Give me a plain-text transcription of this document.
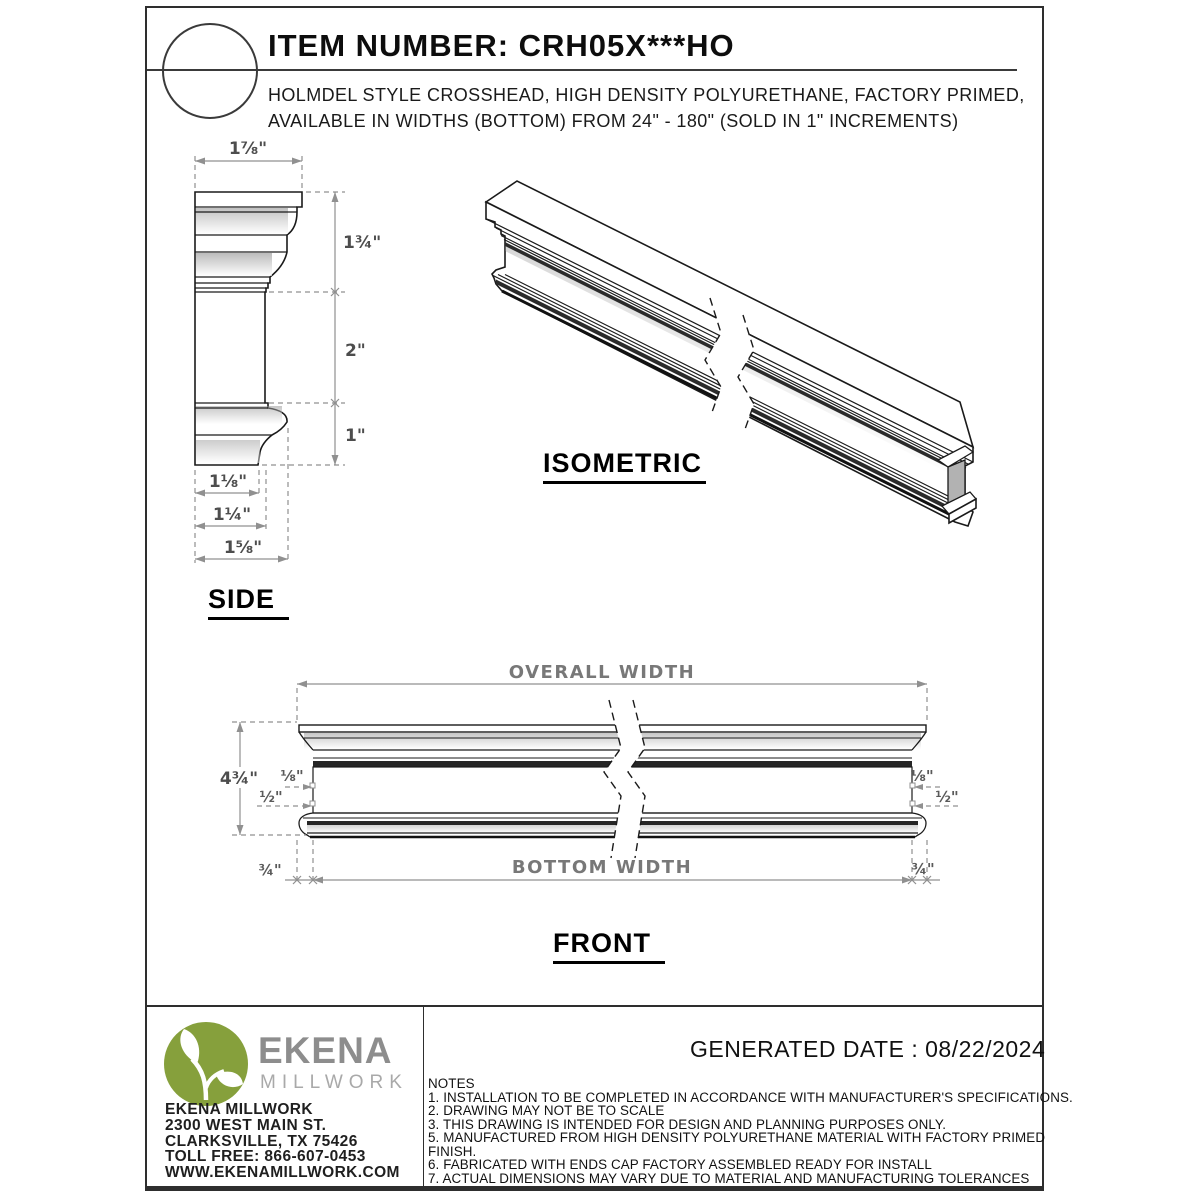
ITEM NUMBER: CRH05X***HO
HOLMDEL STYLE CROSSHEAD, HIGH DENSITY POLYURETHANE, FACTORY PRIMED,
AVAILABLE IN WIDTHS (BOTTOM) FROM 24" - 180" (SOLD IN 1" INCREMENTS)
1⅞"
1¾"
2"
1"
1⅛"
1¼"
1⅝"
SIDE
ISOMETRIC
OVERALL WIDTH
BOTTOM WIDTH
4¾" ⅛"
½"
¾"
⅛"
½"
¾"
FRONT
EKENA
MILLWORK
EKENA MILLWORK
2300 WEST MAIN ST.
CLARKSVILLE, TX 75426
TOLL FREE: 866-607-0453
WWW.EKENAMILLWORK.COM
GENERATED DATE : 08/22/2024
NOTES
1. INSTALLATION TO BE COMPLETED IN ACCORDANCE WITH MANUFACTURER'S SPECIFICATIONS.
2. DRAWING MAY NOT BE TO SCALE
3. THIS DRAWING IS INTENDED FOR DESIGN AND PLANNING PURPOSES ONLY.
5. MANUFACTURED FROM HIGH DENSITY POLYURETHANE MATERIAL WITH FACTORY PRIMED
FINISH.
6. FABRICATED WITH ENDS CAP FACTORY ASSEMBLED READY FOR INSTALL
7. ACTUAL DIMENSIONS MAY VARY DUE TO MATERIAL AND MANUFACTURING TOLERANCES
